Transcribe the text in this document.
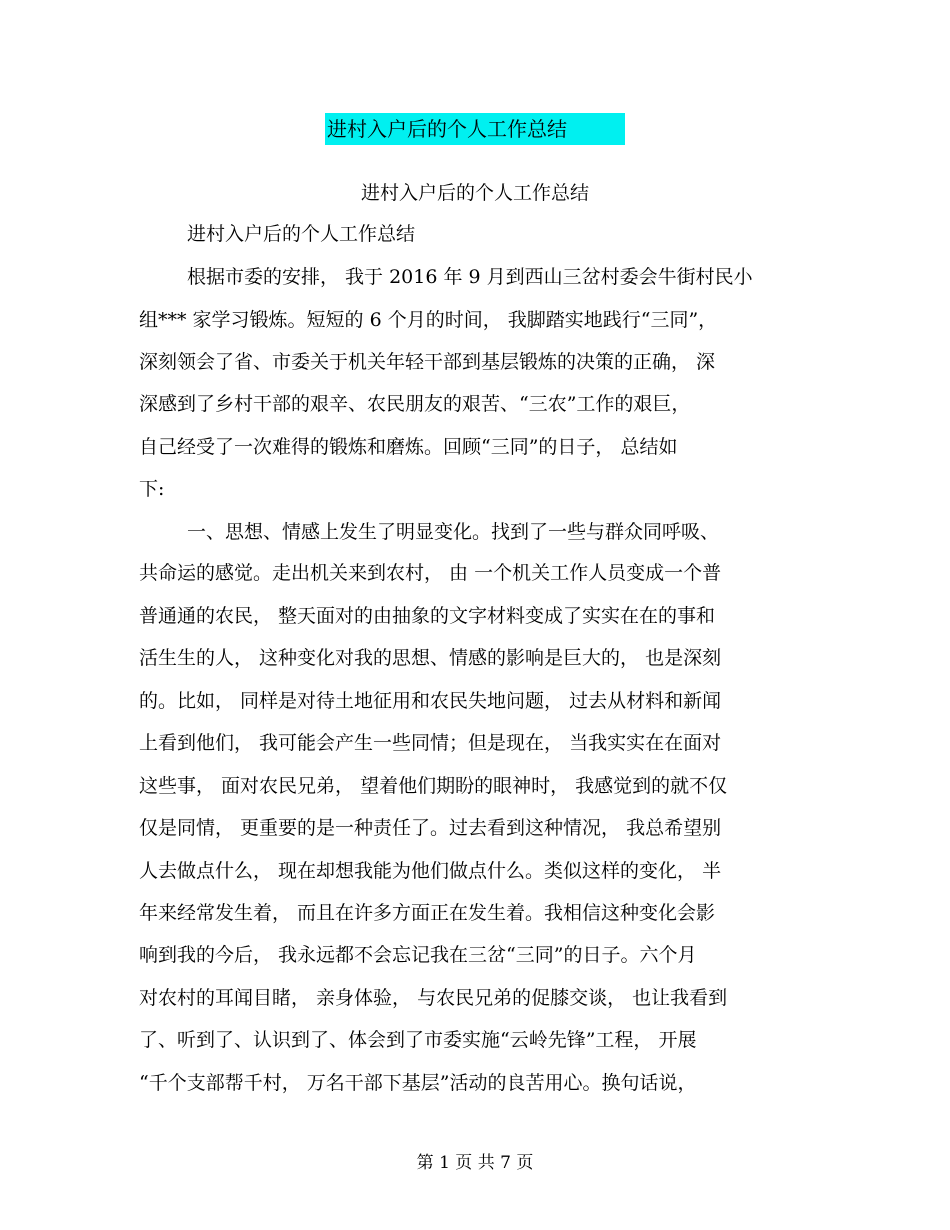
进村入户后的个人工作总结
进村入户后的个人工作总结
进村入户后的个人工作总结
根据市委的安排， 我于 2016 年 9 月到西山三岔村委会牛街村民小
组*** 家学习锻炼。短短的 6 个月的时间， 我脚踏实地践行“三同”，
深刻领会了省、市委关于机关年轻干部到基层锻炼的决策的正确， 深
深感到了乡村干部的艰辛、农民朋友的艰苦、“三农”工作的艰巨，
自己经受了一次难得的锻炼和磨炼。回顾“三同”的日子， 总结如
下:
一、思想、情感上发生了明显变化。找到了一些与群众同呼吸、
共命运的感觉。走出机关来到农村， 由 一个机关工作人员变成一个普
普通通的农民， 整天面对的由抽象的文字材料变成了实实在在的事和
活生生的人， 这种变化对我的思想、情感的影响是巨大的， 也是深刻
的。比如， 同样是对待土地征用和农民失地问题， 过去从材料和新闻
上看到他们， 我可能会产生一些同情；但是现在， 当我实实在在面对
这些事， 面对农民兄弟， 望着他们期盼的眼神时， 我感觉到的就不仅
仅是同情， 更重要的是一种责任了。过去看到这种情况， 我总希望别
人去做点什么， 现在却想我能为他们做点什么。类似这样的变化， 半
年来经常发生着， 而且在许多方面正在发生着。我相信这种变化会影
响到我的今后， 我永远都不会忘记我在三岔“三同”的日子。六个月
对农村的耳闻目睹， 亲身体验， 与农民兄弟的促膝交谈， 也让我看到
了、听到了、认识到了、体会到了市委实施“云岭先锋”工程， 开展
“千个支部帮千村， 万名干部下基层”活动的良苦用心。换句话说，
第 1 页 共 7 页
